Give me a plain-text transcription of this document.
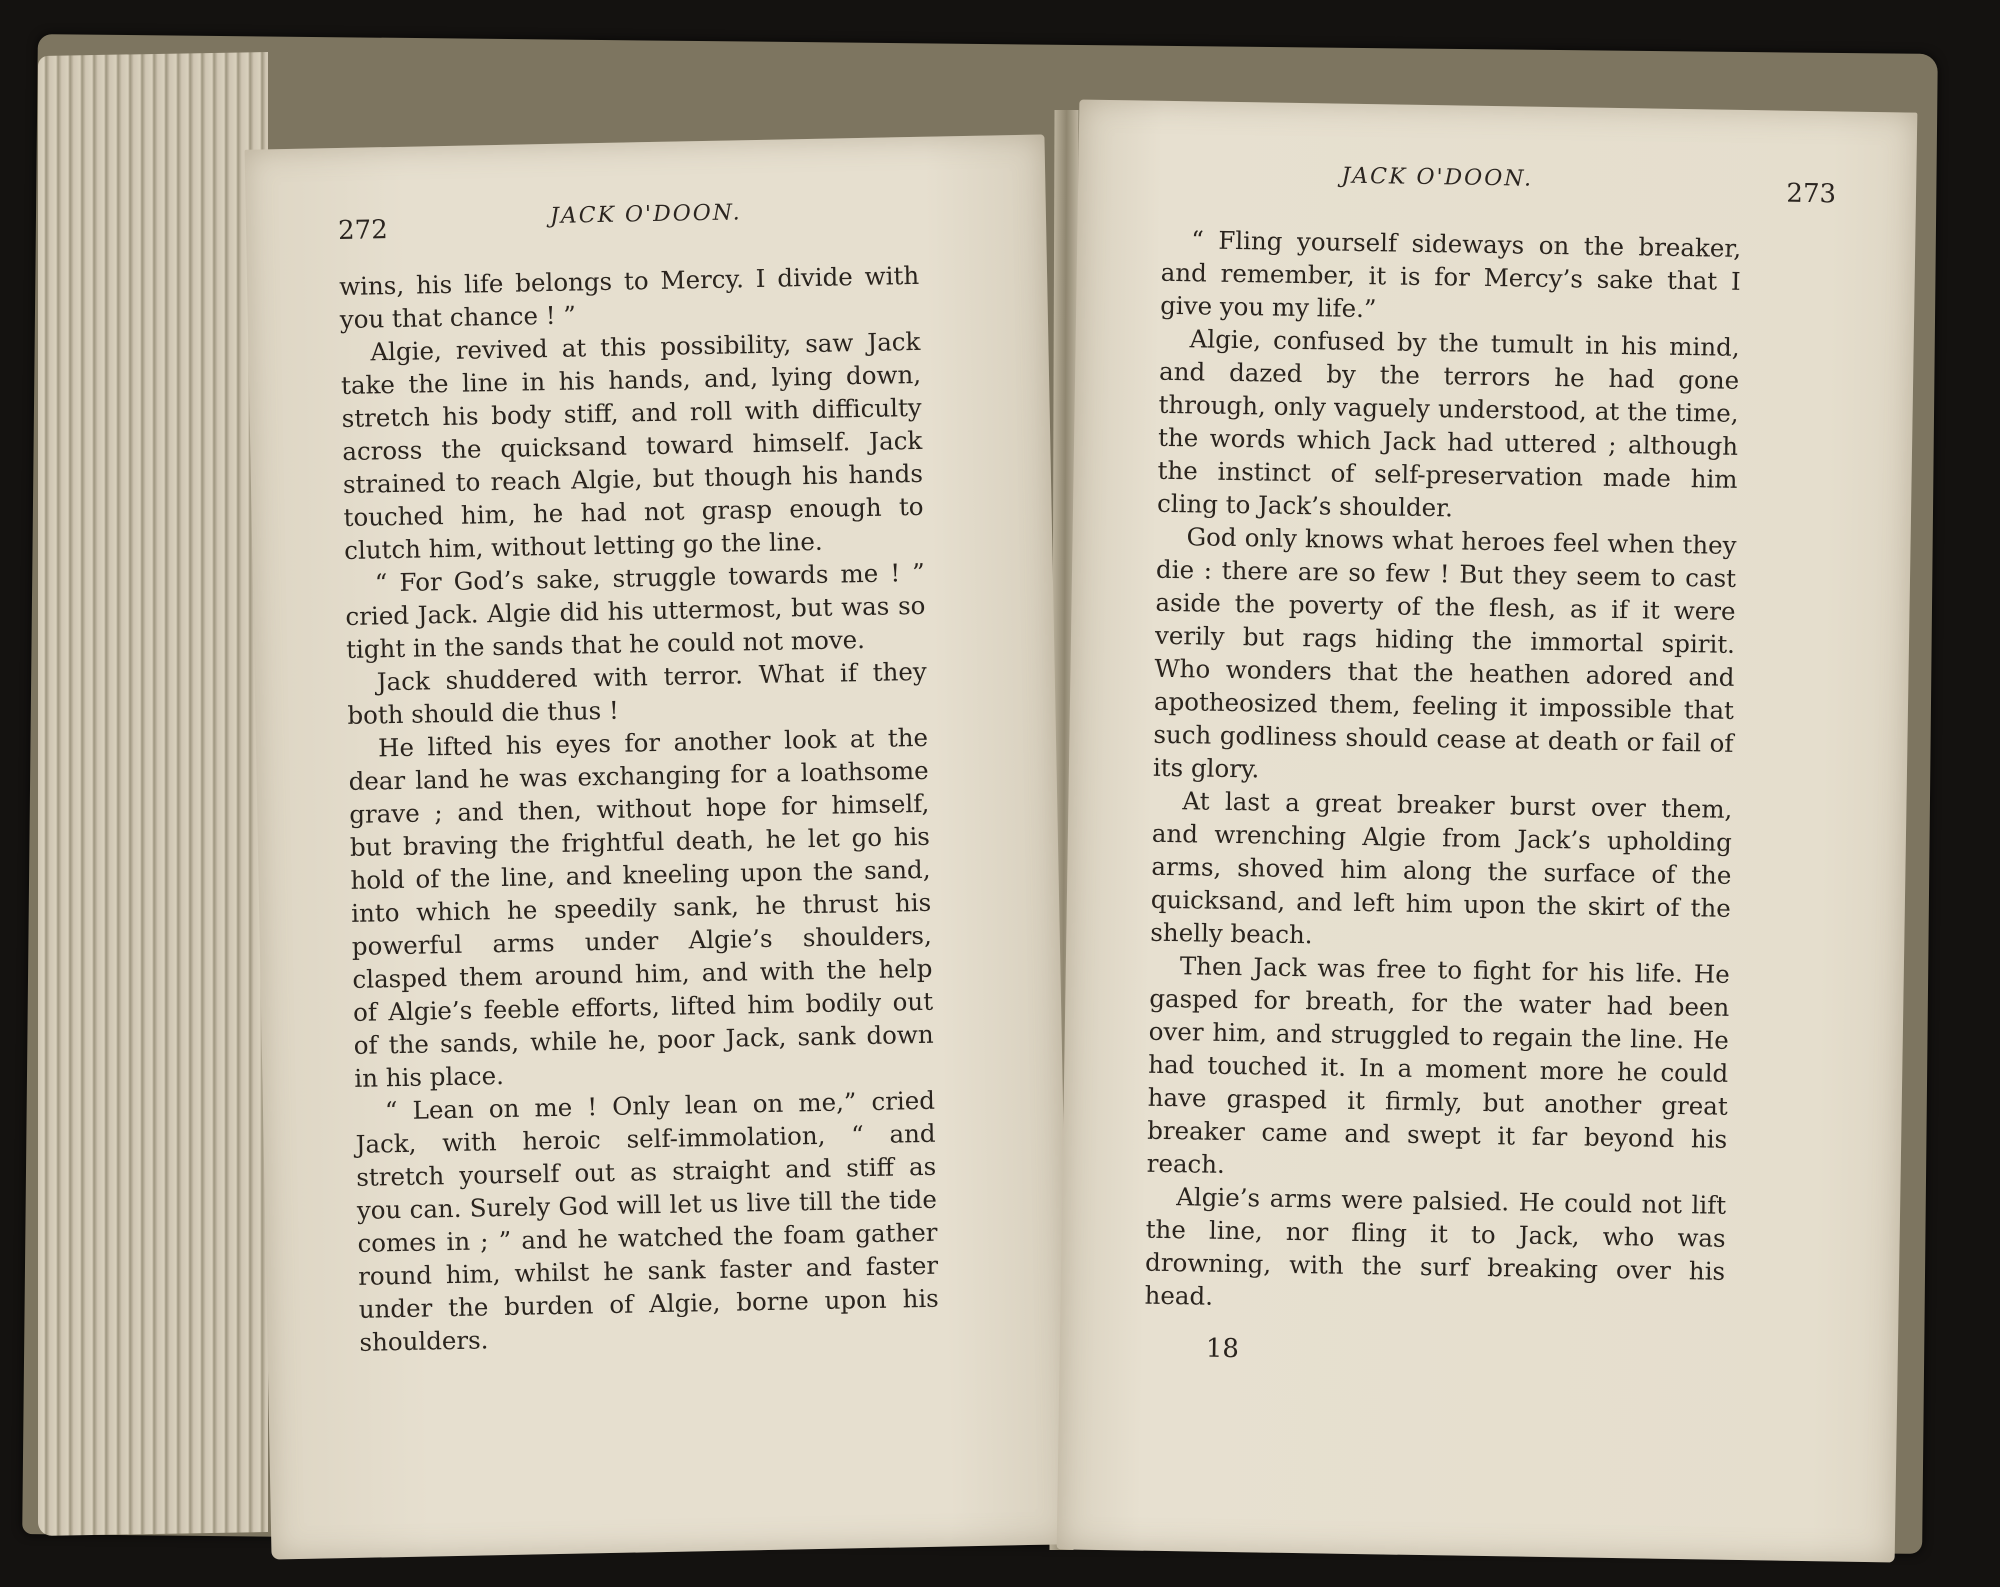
272
JACK O'DOON.

wins, his life belongs to Mercy. I divide with you that chance ! ”

Algie, revived at this possibility, saw Jack take the line in his hands, and, lying down, stretch his body stiff, and roll with difficulty across the quicksand toward himself. Jack strained to reach Algie, but though his hands touched him, he had not grasp enough to clutch him, without letting go the line.

“ For God’s sake, struggle towards me ! ” cried Jack. Algie did his uttermost, but was so tight in the sands that he could not move.

Jack shuddered with terror. What if they both should die thus !

He lifted his eyes for another look at the dear land he was exchanging for a loathsome grave ; and then, without hope for himself, but braving the frightful death, he let go his hold of the line, and kneeling upon the sand, into which he speedily sank, he thrust his powerful arms under Algie’s shoulders, clasped them around him, and with the help of Algie’s feeble efforts, lifted him bodily out of the sands, while he, poor Jack, sank down in his place.

“ Lean on me ! Only lean on me,” cried Jack, with heroic self-immolation, “ and stretch yourself out as straight and stiff as you can. Surely God will let us live till the tide comes in ; ” and he watched the foam gather round him, whilst he sank faster and faster under the burden of Algie, borne upon his shoulders.

JACK O'DOON.
273

“ Fling yourself sideways on the breaker, and remember, it is for Mercy’s sake that I give you my life.”

Algie, confused by the tumult in his mind, and dazed by the terrors he had gone through, only vaguely understood, at the time, the words which Jack had uttered ; although the instinct of self-preservation made him cling to Jack’s shoulder.

God only knows what heroes feel when they die : there are so few ! But they seem to cast aside the poverty of the flesh, as if it were verily but rags hiding the immortal spirit. Who wonders that the heathen adored and apotheosized them, feeling it impossible that such godliness should cease at death or fail of its glory.

At last a great breaker burst over them, and wrenching Algie from Jack’s upholding arms, shoved him along the surface of the quicksand, and left him upon the skirt of the shelly beach.

Then Jack was free to fight for his life. He gasped for breath, for the water had been over him, and struggled to regain the line. He had touched it. In a moment more he could have grasped it firmly, but another great breaker came and swept it far beyond his reach.

Algie’s arms were palsied. He could not lift the line, nor fling it to Jack, who was drowning, with the surf breaking over his head.

18
